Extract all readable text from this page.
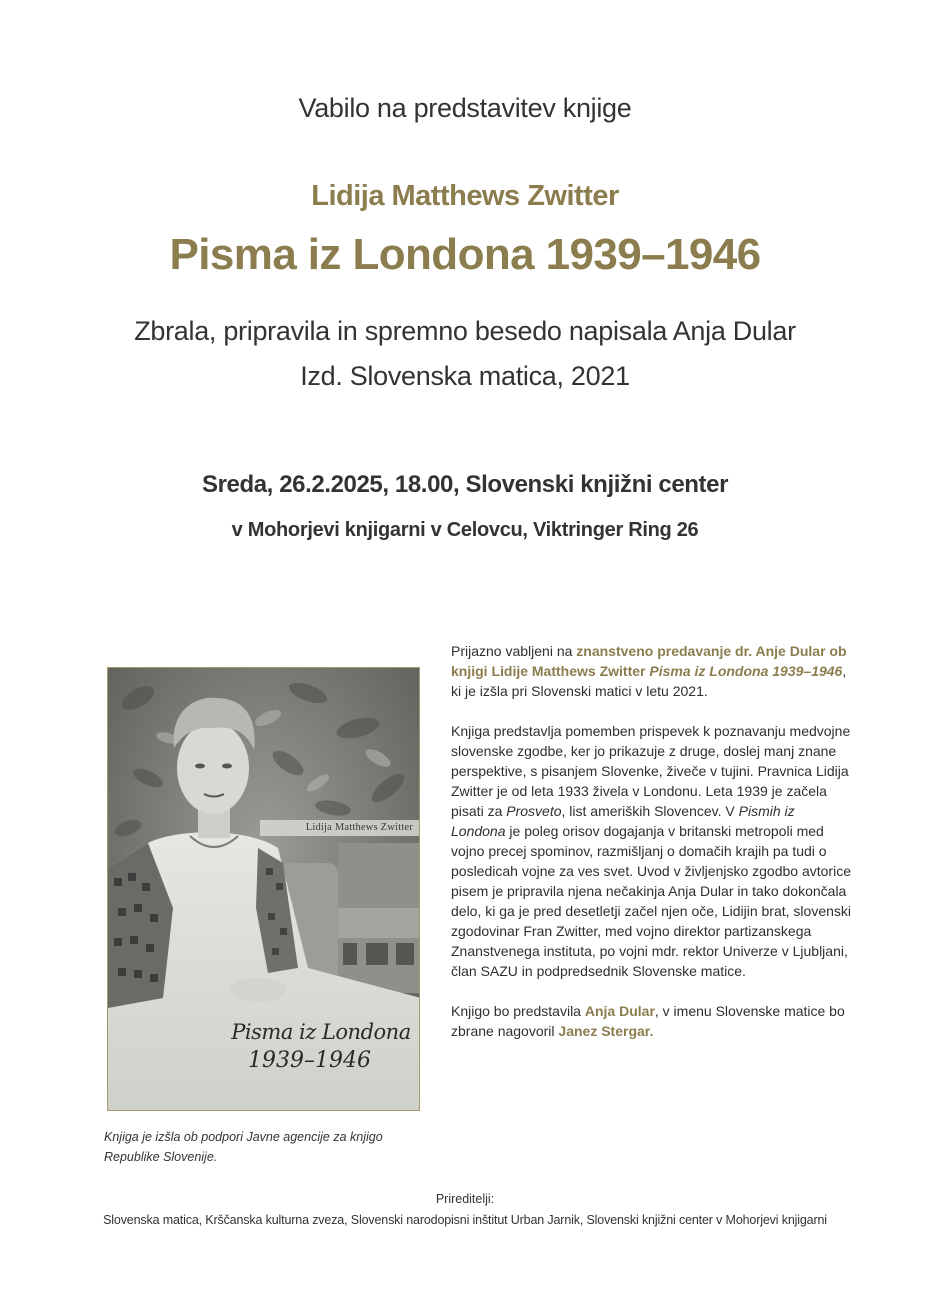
Vabilo na predstavitev knjige
Lidija Matthews Zwitter
Pisma iz Londona 1939–1946
Zbrala, pripravila in spremno besedo napisala Anja Dular
Izd. Slovenska matica, 2021
Sreda, 26.2.2025, 18.00, Slovenski knjižni center
v Mohorjevi knjigarni v Celovcu, Viktringer Ring 26
Lidija Matthews Zwitter
Pisma iz Londona
1939–1946
Knjiga je izšla ob podpori Javne agencije za knjigo Republike Slovenije.

Prijazno vabljeni na znanstveno predavanje dr. Anje Dular ob knjigi Lidije Matthews Zwitter Pisma iz Londona 1939–1946, ki je izšla pri Slovenski matici v letu 2021.

Knjiga predstavlja pomemben prispevek k poznavanju medvojne slovenske zgodbe, ker jo prikazuje z druge, doslej manj znane perspektive, s pisanjem Slovenke, živeče v tujini. Pravnica Lidija Zwitter je od leta 1933 živela v Londonu. Leta 1939 je začela pisati za Prosveto, list ameriških Slovencev. V Pismih iz Londona je poleg orisov dogajanja v britanski metropoli med vojno precej spominov, razmišljanj o domačih krajih pa tudi o posledicah vojne za ves svet. Uvod v življenjsko zgodbo avtorice pisem je pripravila njena nečakinja Anja Dular in tako dokončala delo, ki ga je pred desetletji začel njen oče, Lidijin brat, slovenski zgodovinar Fran Zwitter, med vojno direktor partizanskega Znanstvenega instituta, po vojni mdr. rektor Univerze v Ljubljani, član SAZU in podpredsednik Slovenske matice.

Knjigo bo predstavila Anja Dular, v imenu Slovenske matice bo zbrane nagovoril Janez Stergar.

Prireditelji:
Slovenska matica, Krščanska kulturna zveza, Slovenski narodopisni inštitut Urban Jarnik, Slovenski knjižni center v Mohorjevi knjigarni
